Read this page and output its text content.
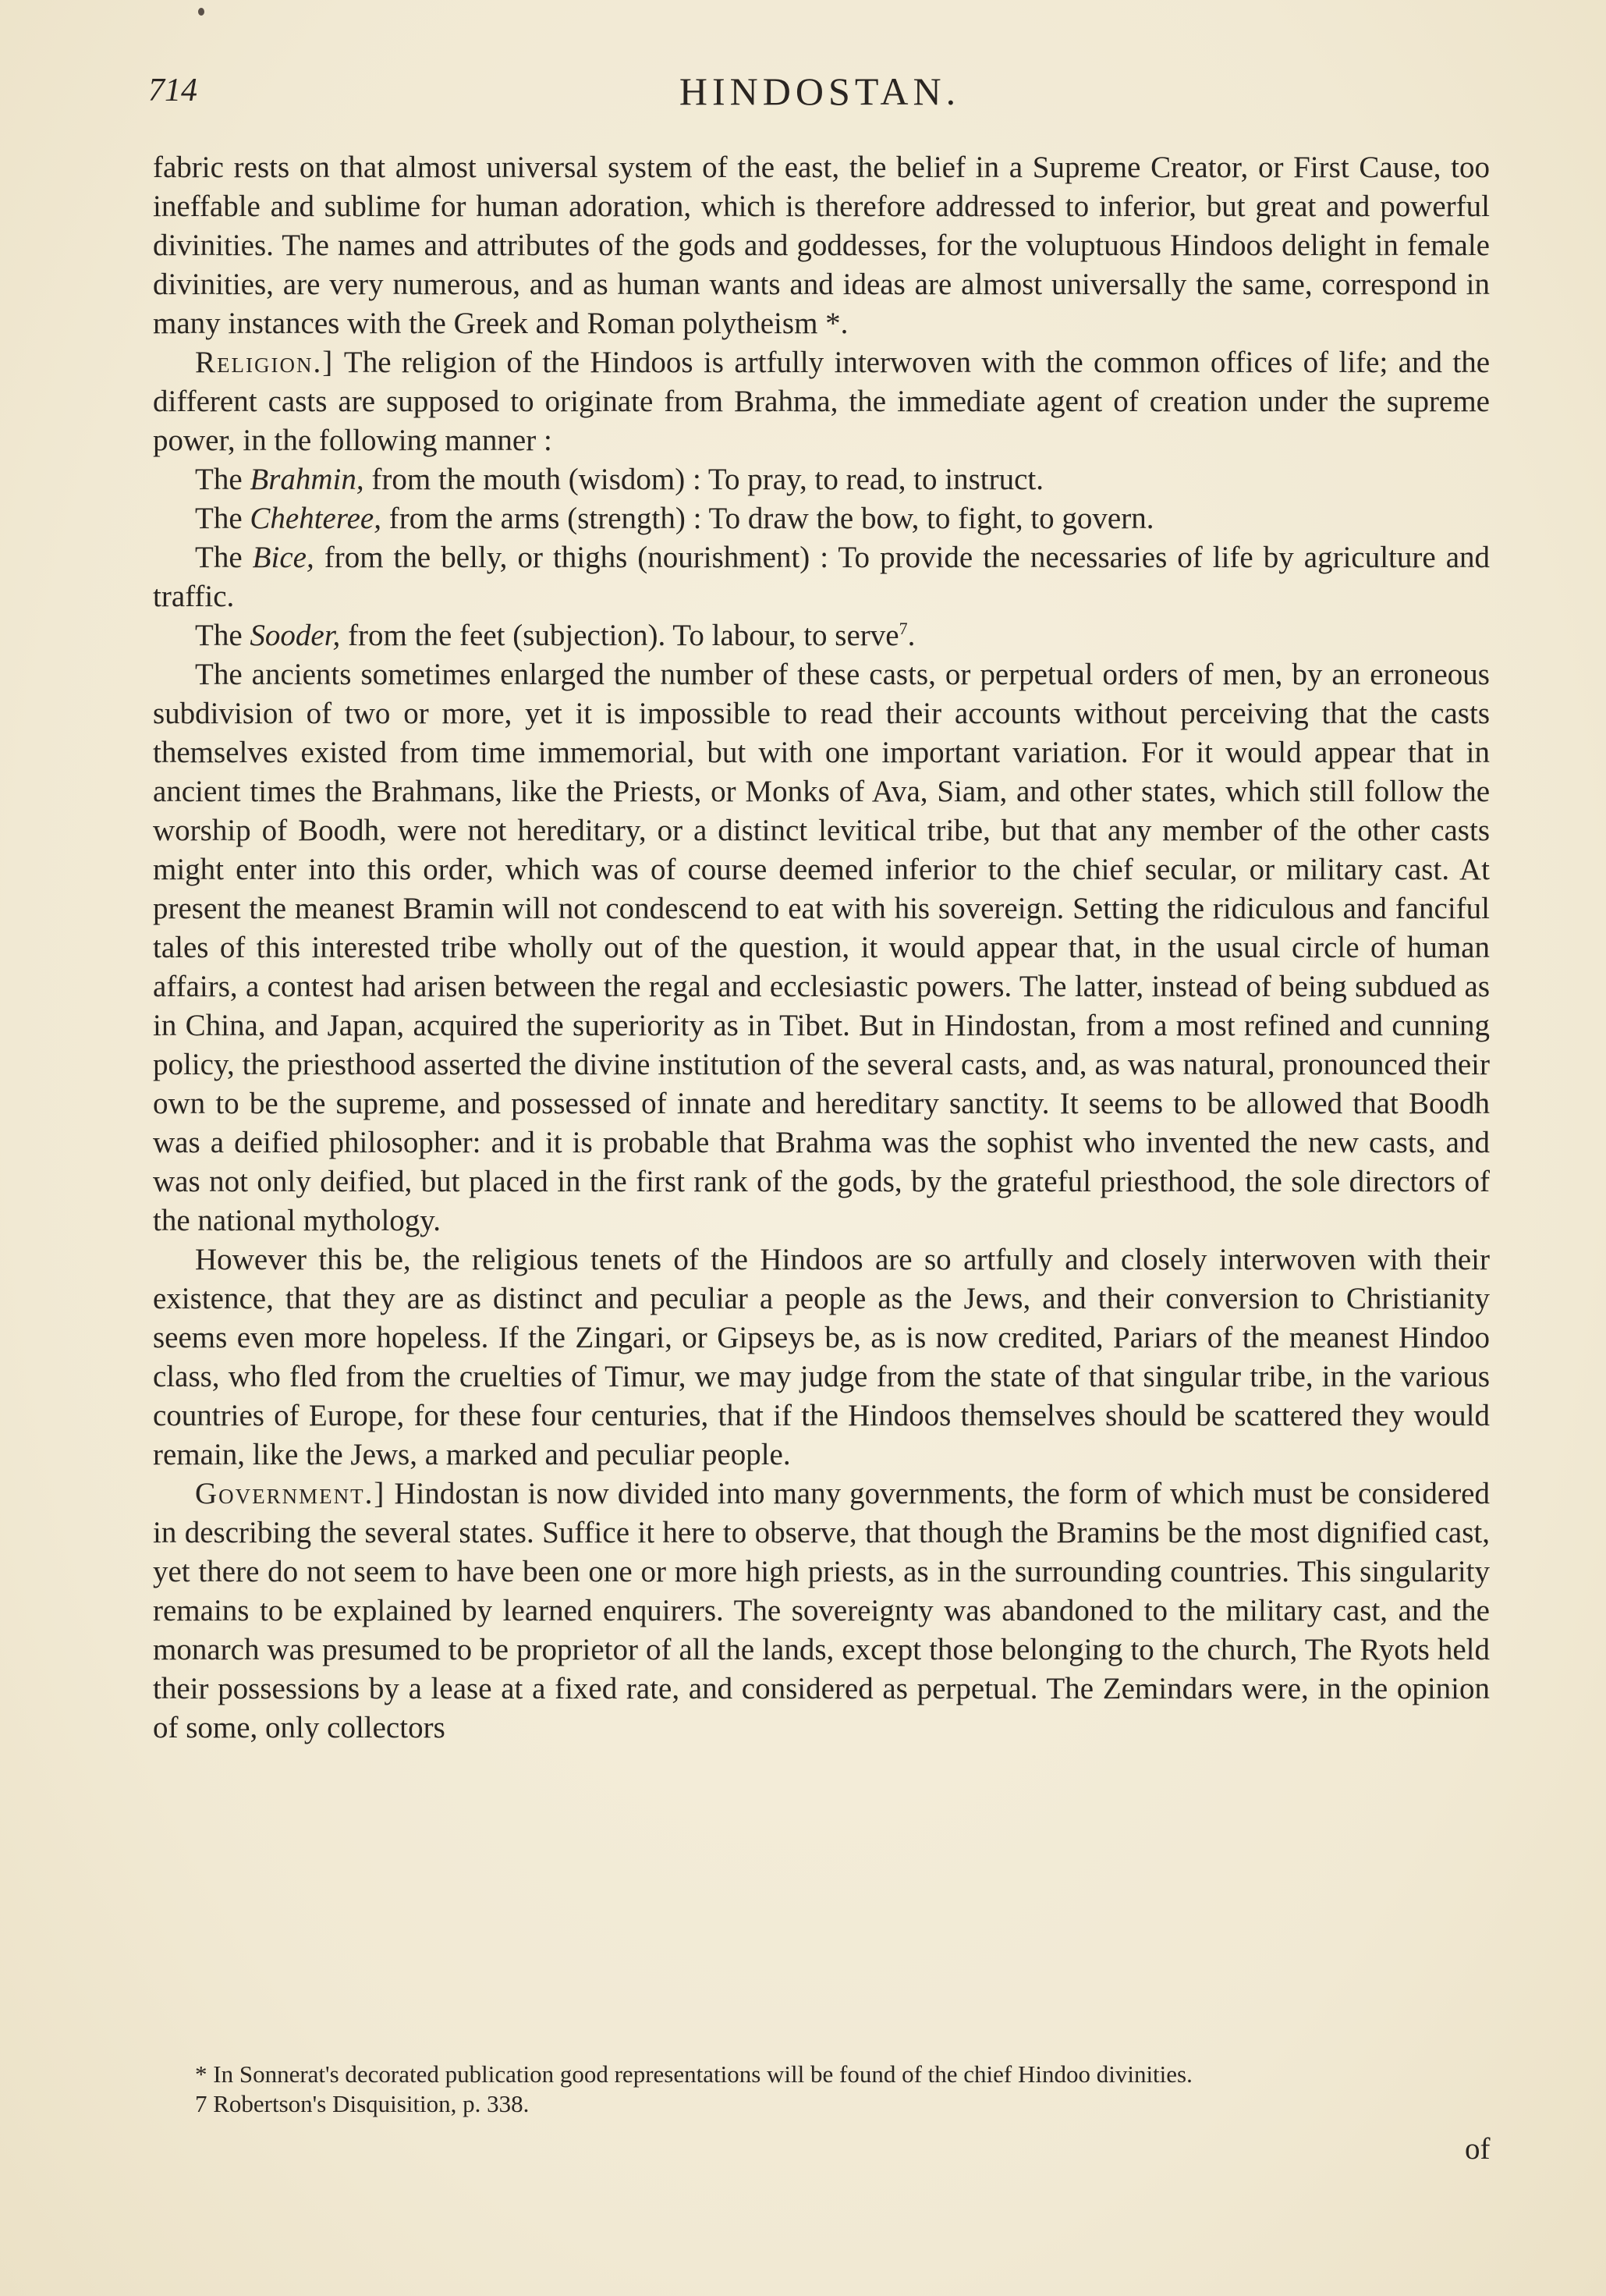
714	HINDOSTAN.

fabric rests on that almost universal system of the east, the belief in a Supreme Creator, or First Cause, too ineffable and sublime for human adoration, which is therefore addressed to inferior, but great and powerful divinities. The names and attributes of the gods and goddesses, for the voluptuous Hindoos delight in female divinities, are very numerous, and as human wants and ideas are almost universally the same, correspond in many instances with the Greek and Roman polytheism *.

Religion.] The religion of the Hindoos is artfully interwoven with the common offices of life; and the different casts are supposed to originate from Brahma, the immediate agent of creation under the supreme power, in the following manner :

The Brahmin, from the mouth (wisdom) : To pray, to read, to instruct.

The Chehteree, from the arms (strength) : To draw the bow, to fight, to govern.

The Bice, from the belly, or thighs (nourishment) : To provide the necessaries of life by agriculture and traffic.

The Sooder, from the feet (subjection). To labour, to serve$^7$.

The ancients sometimes enlarged the number of these casts, or perpetual orders of men, by an erroneous subdivision of two or more, yet it is impossible to read their accounts without perceiving that the casts themselves existed from time immemorial, but with one important variation. For it would appear that in ancient times the Brahmans, like the Priests, or Monks of Ava, Siam, and other states, which still follow the worship of Boodh, were not hereditary, or a distinct levitical tribe, but that any member of the other casts might enter into this order, which was of course deemed inferior to the chief secular, or military cast. At present the meanest Bramin will not condescend to eat with his sovereign. Setting the ridiculous and fanciful tales of this interested tribe wholly out of the question, it would appear that, in the usual circle of human affairs, a contest had arisen between the regal and ecclesiastic powers. The latter, instead of being subdued as in China, and Japan, acquired the superiority as in Tibet. But in Hindostan, from a most refined and cunning policy, the priesthood asserted the divine institution of the several casts, and, as was natural, pronounced their own to be the supreme, and possessed of innate and hereditary sanctity. It seems to be allowed that Boodh was a deified philosopher: and it is probable that Brahma was the sophist who invented the new casts, and was not only deified, but placed in the first rank of the gods, by the grateful priesthood, the sole directors of the national mythology.

However this be, the religious tenets of the Hindoos are so artfully and closely interwoven with their existence, that they are as distinct and peculiar a people as the Jews, and their conversion to Christianity seems even more hopeless. If the Zingari, or Gipseys be, as is now credited, Pariars of the meanest Hindoo class, who fled from the cruelties of Timur, we may judge from the state of that singular tribe, in the various countries of Europe, for these four centuries, that if the Hindoos themselves should be scattered they would remain, like the Jews, a marked and peculiar people.

Government.] Hindostan is now divided into many governments, the form of which must be considered in describing the several states. Suffice it here to observe, that though the Bramins be the most dignified cast, yet there do not seem to have been one or more high priests, as in the surrounding countries. This singularity remains to be explained by learned enquirers. The sovereignty was abandoned to the military cast, and the monarch was presumed to be proprietor of all the lands, except those belonging to the church, The Ryots held their possessions by a lease at a fixed rate, and considered as perpetual. The Zemindars were, in the opinion of some, only collectors

* In Sonnerat's decorated publication good representations will be found of the chief Hindoo divinities.

7 Robertson's Disquisition, p. 338.

of
